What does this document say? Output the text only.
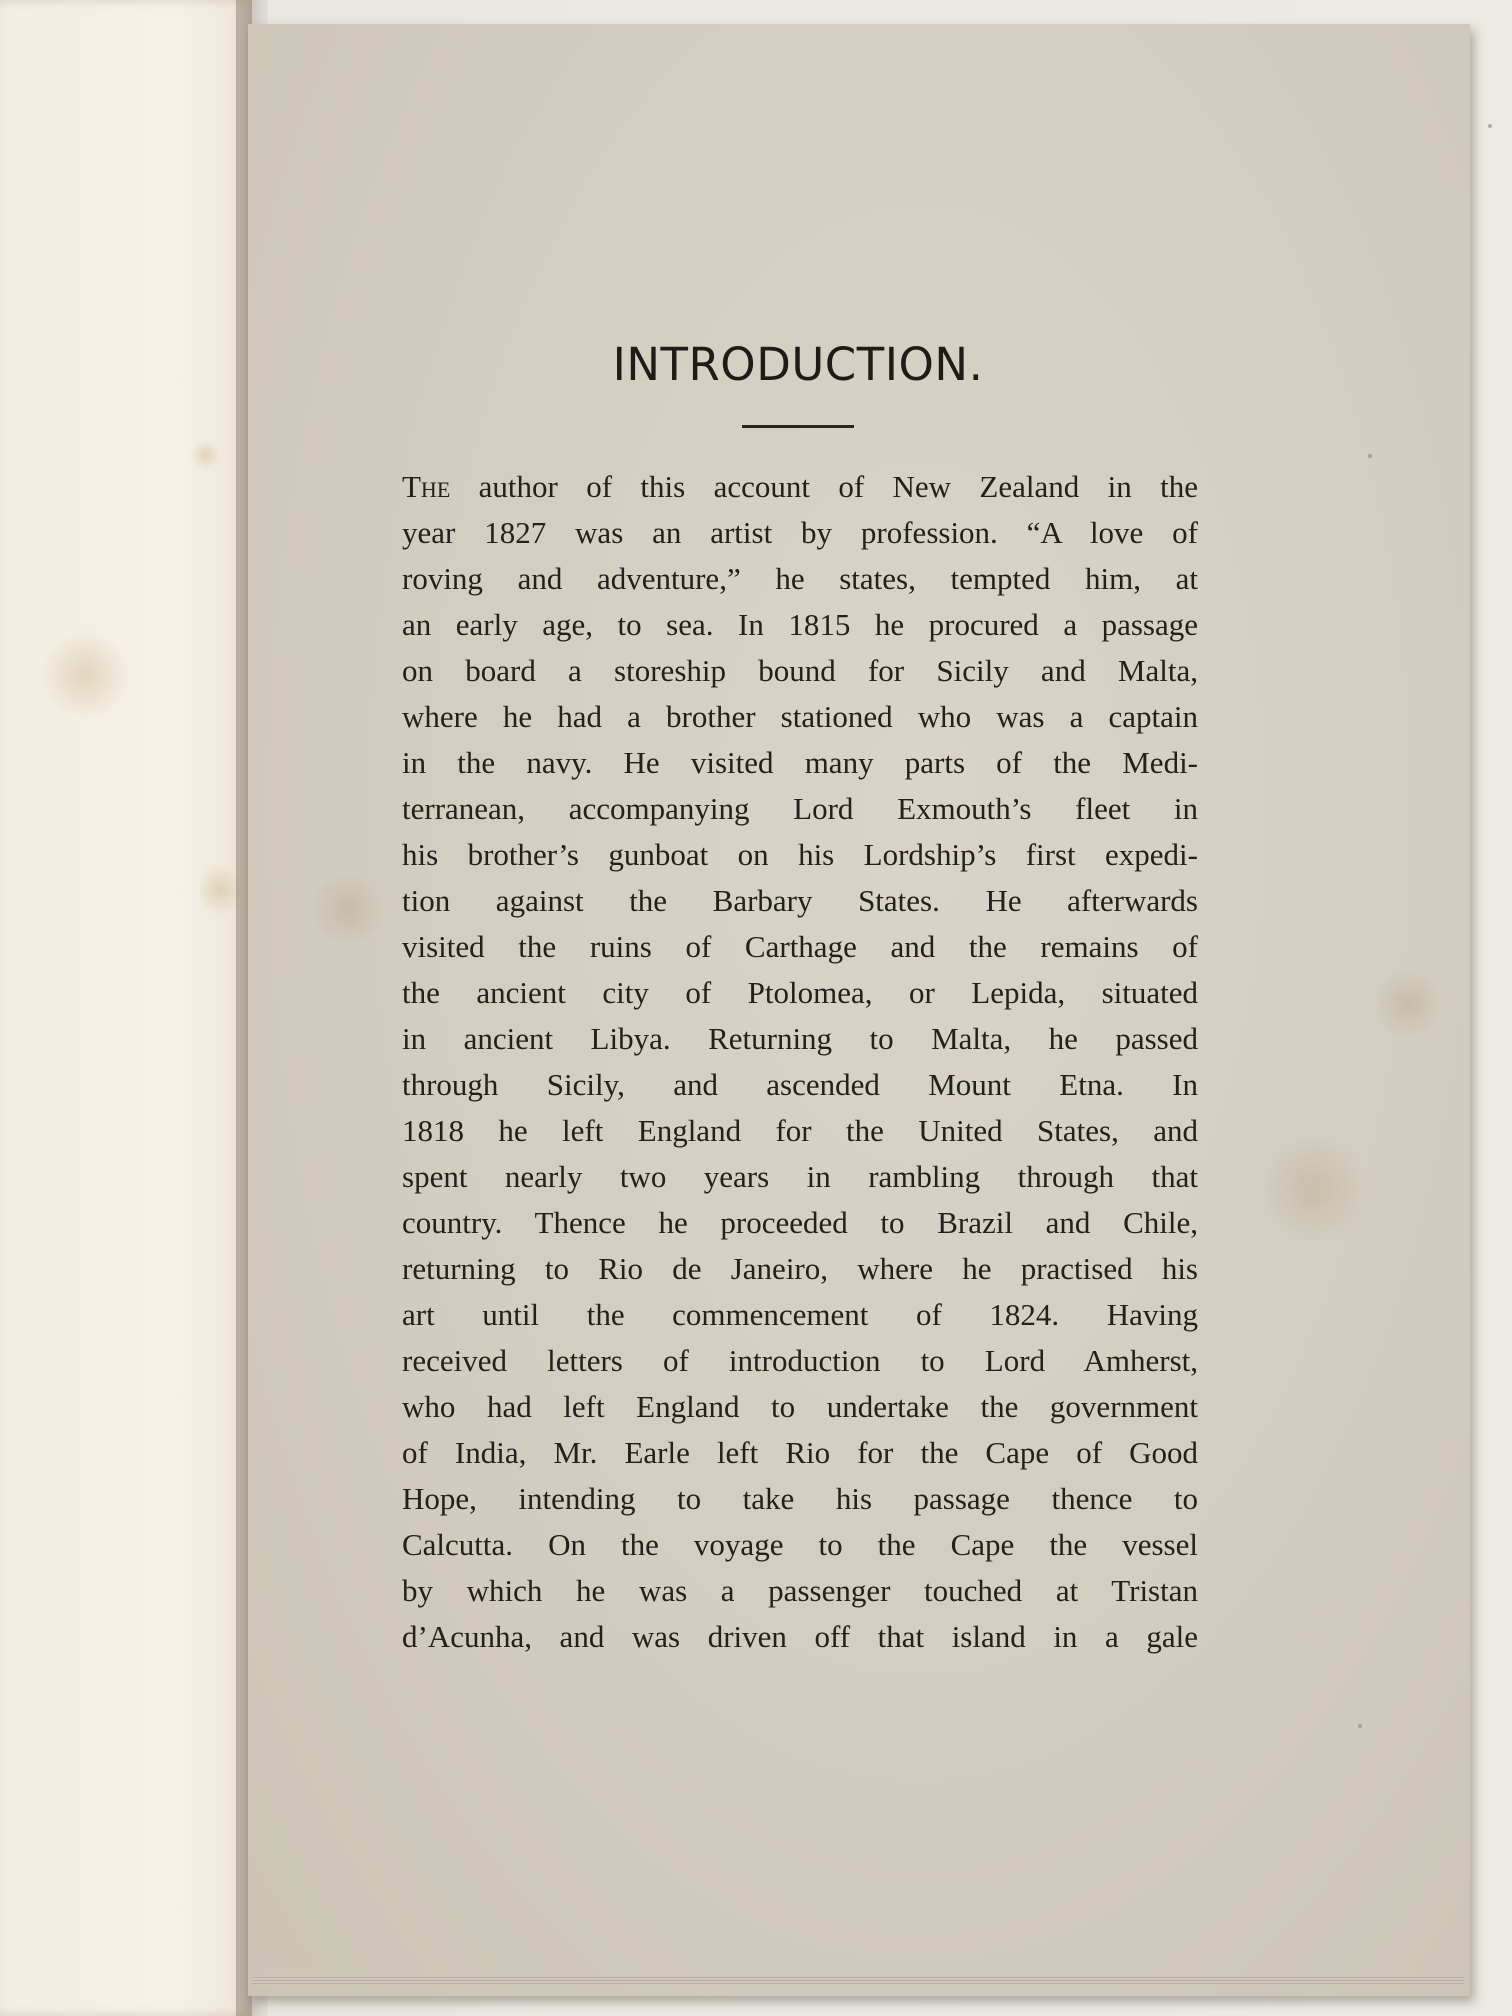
INTRODUCTION.
The author of this account of New Zealand in the
year 1827 was an artist by profession. “A love of
roving and adventure,” he states, tempted him, at
an early age, to sea. In 1815 he procured a passage
on board a storeship bound for Sicily and Malta,
where he had a brother stationed who was a captain
in the navy. He visited many parts of the Medi-
terranean, accompanying Lord Exmouth’s fleet in
his brother’s gunboat on his Lordship’s first expedi-
tion against the Barbary States. He afterwards
visited the ruins of Carthage and the remains of
the ancient city of Ptolomea, or Lepida, situated
in ancient Libya. Returning to Malta, he passed
through Sicily, and ascended Mount Etna. In
1818 he left England for the United States, and
spent nearly two years in rambling through that
country. Thence he proceeded to Brazil and Chile,
returning to Rio de Janeiro, where he practised his
art until the commencement of 1824. Having
received letters of introduction to Lord Amherst,
who had left England to undertake the government
of India, Mr. Earle left Rio for the Cape of Good
Hope, intending to take his passage thence to
Calcutta. On the voyage to the Cape the vessel
by which he was a passenger touched at Tristan
d’Acunha, and was driven off that island in a gale
